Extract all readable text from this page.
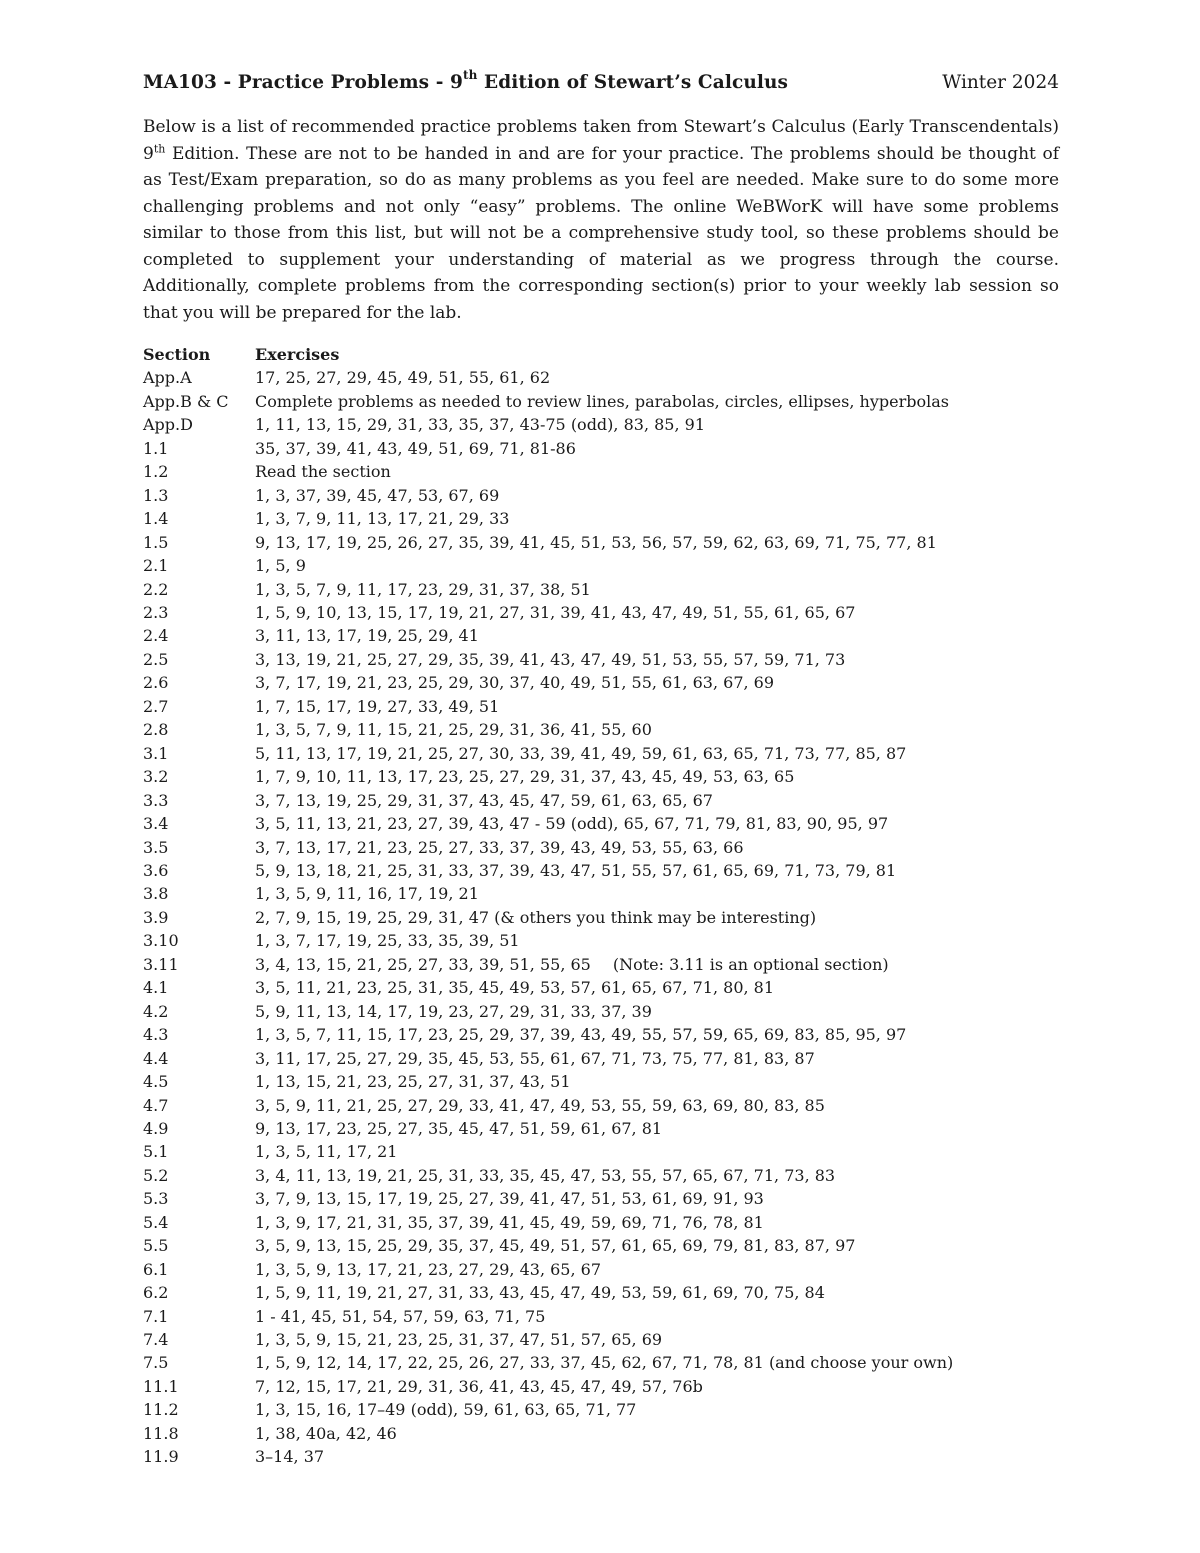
MA103 - Practice Problems - 9th Edition of Stewart’s Calculus	Winter 2024

Below is a list of recommended practice problems taken from Stewart’s Calculus (Early Transcendentals) 9th Edition. These are not to be handed in and are for your practice. The problems should be thought of as Test/Exam preparation, so do as many problems as you feel are needed. Make sure to do some more challenging problems and not only “easy” problems. The online WeBWorK will have some problems similar to those from this list, but will not be a comprehensive study tool, so these problems should be completed to supplement your understanding of material as we progress through the course. Additionally, complete problems from the corresponding section(s) prior to your weekly lab session so that you will be prepared for the lab.

Section	Exercises
App.A	17, 25, 27, 29, 45, 49, 51, 55, 61, 62
App.B & C	Complete problems as needed to review lines, parabolas, circles, ellipses, hyperbolas
App.D	1, 11, 13, 15, 29, 31, 33, 35, 37, 43-75 (odd), 83, 85, 91
1.1	35, 37, 39, 41, 43, 49, 51, 69, 71, 81-86
1.2	Read the section
1.3	1, 3, 37, 39, 45, 47, 53, 67, 69
1.4	1, 3, 7, 9, 11, 13, 17, 21, 29, 33
1.5	9, 13, 17, 19, 25, 26, 27, 35, 39, 41, 45, 51, 53, 56, 57, 59, 62, 63, 69, 71, 75, 77, 81
2.1	1, 5, 9
2.2	1, 3, 5, 7, 9, 11, 17, 23, 29, 31, 37, 38, 51
2.3	1, 5, 9, 10, 13, 15, 17, 19, 21, 27, 31, 39, 41, 43, 47, 49, 51, 55, 61, 65, 67
2.4	3, 11, 13, 17, 19, 25, 29, 41
2.5	3, 13, 19, 21, 25, 27, 29, 35, 39, 41, 43, 47, 49, 51, 53, 55, 57, 59, 71, 73
2.6	3, 7, 17, 19, 21, 23, 25, 29, 30, 37, 40, 49, 51, 55, 61, 63, 67, 69
2.7	1, 7, 15, 17, 19, 27, 33, 49, 51
2.8	1, 3, 5, 7, 9, 11, 15, 21, 25, 29, 31, 36, 41, 55, 60
3.1	5, 11, 13, 17, 19, 21, 25, 27, 30, 33, 39, 41, 49, 59, 61, 63, 65, 71, 73, 77, 85, 87
3.2	1, 7, 9, 10, 11, 13, 17, 23, 25, 27, 29, 31, 37, 43, 45, 49, 53, 63, 65
3.3	3, 7, 13, 19, 25, 29, 31, 37, 43, 45, 47, 59, 61, 63, 65, 67
3.4	3, 5, 11, 13, 21, 23, 27, 39, 43, 47 - 59 (odd), 65, 67, 71, 79, 81, 83, 90, 95, 97
3.5	3, 7, 13, 17, 21, 23, 25, 27, 33, 37, 39, 43, 49, 53, 55, 63, 66
3.6	5, 9, 13, 18, 21, 25, 31, 33, 37, 39, 43, 47, 51, 55, 57, 61, 65, 69, 71, 73, 79, 81
3.8	1, 3, 5, 9, 11, 16, 17, 19, 21
3.9	2, 7, 9, 15, 19, 25, 29, 31, 47 (& others you think may be interesting)
3.10	1, 3, 7, 17, 19, 25, 33, 35, 39, 51
3.11	3, 4, 13, 15, 21, 25, 27, 33, 39, 51, 55, 65 (Note: 3.11 is an optional section)
4.1	3, 5, 11, 21, 23, 25, 31, 35, 45, 49, 53, 57, 61, 65, 67, 71, 80, 81
4.2	5, 9, 11, 13, 14, 17, 19, 23, 27, 29, 31, 33, 37, 39
4.3	1, 3, 5, 7, 11, 15, 17, 23, 25, 29, 37, 39, 43, 49, 55, 57, 59, 65, 69, 83, 85, 95, 97
4.4	3, 11, 17, 25, 27, 29, 35, 45, 53, 55, 61, 67, 71, 73, 75, 77, 81, 83, 87
4.5	1, 13, 15, 21, 23, 25, 27, 31, 37, 43, 51
4.7	3, 5, 9, 11, 21, 25, 27, 29, 33, 41, 47, 49, 53, 55, 59, 63, 69, 80, 83, 85
4.9	9, 13, 17, 23, 25, 27, 35, 45, 47, 51, 59, 61, 67, 81
5.1	1, 3, 5, 11, 17, 21
5.2	3, 4, 11, 13, 19, 21, 25, 31, 33, 35, 45, 47, 53, 55, 57, 65, 67, 71, 73, 83
5.3	3, 7, 9, 13, 15, 17, 19, 25, 27, 39, 41, 47, 51, 53, 61, 69, 91, 93
5.4	1, 3, 9, 17, 21, 31, 35, 37, 39, 41, 45, 49, 59, 69, 71, 76, 78, 81
5.5	3, 5, 9, 13, 15, 25, 29, 35, 37, 45, 49, 51, 57, 61, 65, 69, 79, 81, 83, 87, 97
6.1	1, 3, 5, 9, 13, 17, 21, 23, 27, 29, 43, 65, 67
6.2	1, 5, 9, 11, 19, 21, 27, 31, 33, 43, 45, 47, 49, 53, 59, 61, 69, 70, 75, 84
7.1	1 - 41, 45, 51, 54, 57, 59, 63, 71, 75
7.4	1, 3, 5, 9, 15, 21, 23, 25, 31, 37, 47, 51, 57, 65, 69
7.5	1, 5, 9, 12, 14, 17, 22, 25, 26, 27, 33, 37, 45, 62, 67, 71, 78, 81 (and choose your own)
11.1	7, 12, 15, 17, 21, 29, 31, 36, 41, 43, 45, 47, 49, 57, 76b
11.2	1, 3, 15, 16, 17–49 (odd), 59, 61, 63, 65, 71, 77
11.8	1, 38, 40a, 42, 46
11.9	3–14, 37
